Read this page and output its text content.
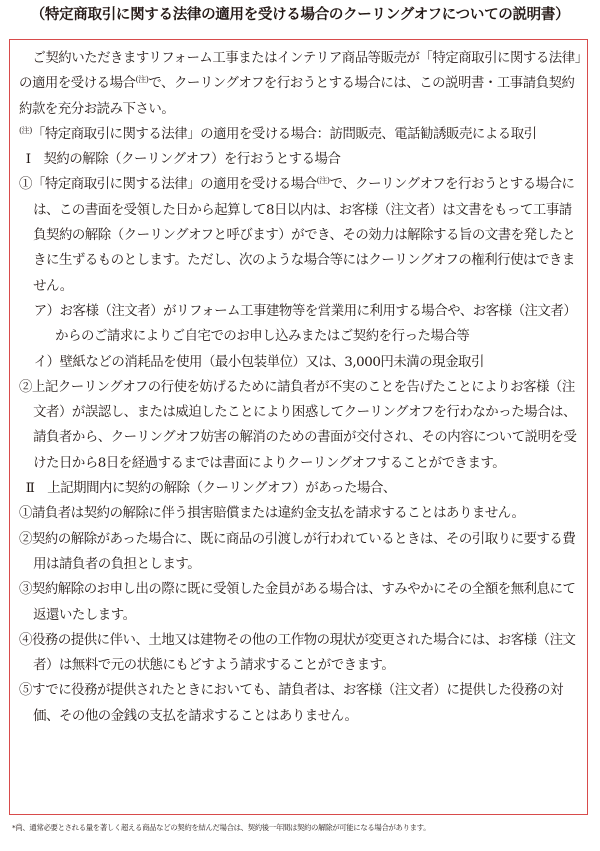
（特定商取引に関する法律の適用を受ける場合のクーリングオフについての説明書）

ご契約いただきますリフォーム工事またはインテリア商品等販売が「特定商取引に関する法律」の適用を受ける場合$^{(注)}$で、クーリングオフを行おうとする場合には、この説明書・工事請負契約約款を充分お読み下さい。

$^{(注)}$「特定商取引に関する法律」の適用を受ける場合：訪問販売、電話勧誘販売による取引

Ⅰ　契約の解除（クーリングオフ）を行おうとする場合

①「特定商取引に関する法律」の適用を受ける場合$^{(注)}$で、クーリングオフを行おうとする場合には、この書面を受領した日から起算して8日以内は、お客様（注文者）は文書をもって工事請負契約の解除（クーリングオフと呼びます）ができ、その効力は解除する旨の文書を発したときに生ずるものとします。ただし、次のような場合等にはクーリングオフの権利行使はできません。

ア）お客様（注文者）がリフォーム工事建物等を営業用に利用する場合や、お客様（注文者）からのご請求によりご自宅でのお申し込みまたはご契約を行った場合等

イ）壁紙などの消耗品を使用（最小包装単位）又は、3,000円未満の現金取引

②上記クーリングオフの行使を妨げるために請負者が不実のことを告げたことによりお客様（注文者）が誤認し、または威迫したことにより困惑してクーリングオフを行わなかった場合は、請負者から、クーリングオフ妨害の解消のための書面が交付され、その内容について説明を受けた日から8日を経過するまでは書面によりクーリングオフすることができます。

Ⅱ　上記期間内に契約の解除（クーリングオフ）があった場合、

①請負者は契約の解除に伴う損害賠償または違約金支払を請求することはありません。

②契約の解除があった場合に、既に商品の引渡しが行われているときは、その引取りに要する費用は請負者の負担とします。

③契約解除のお申し出の際に既に受領した金員がある場合は、すみやかにその全額を無利息にて返還いたします。

④役務の提供に伴い、土地又は建物その他の工作物の現状が変更された場合には、お客様（注文者）は無料で元の状態にもどすよう請求することができます。

⑤すでに役務が提供されたときにおいても、請負者は、お客様（注文者）に提供した役務の対価、その他の金銭の支払を請求することはありません。

*尚、通常必要とされる量を著しく超える商品などの契約を結んだ場合は、契約後一年間は契約の解除が可能になる場合があります。
